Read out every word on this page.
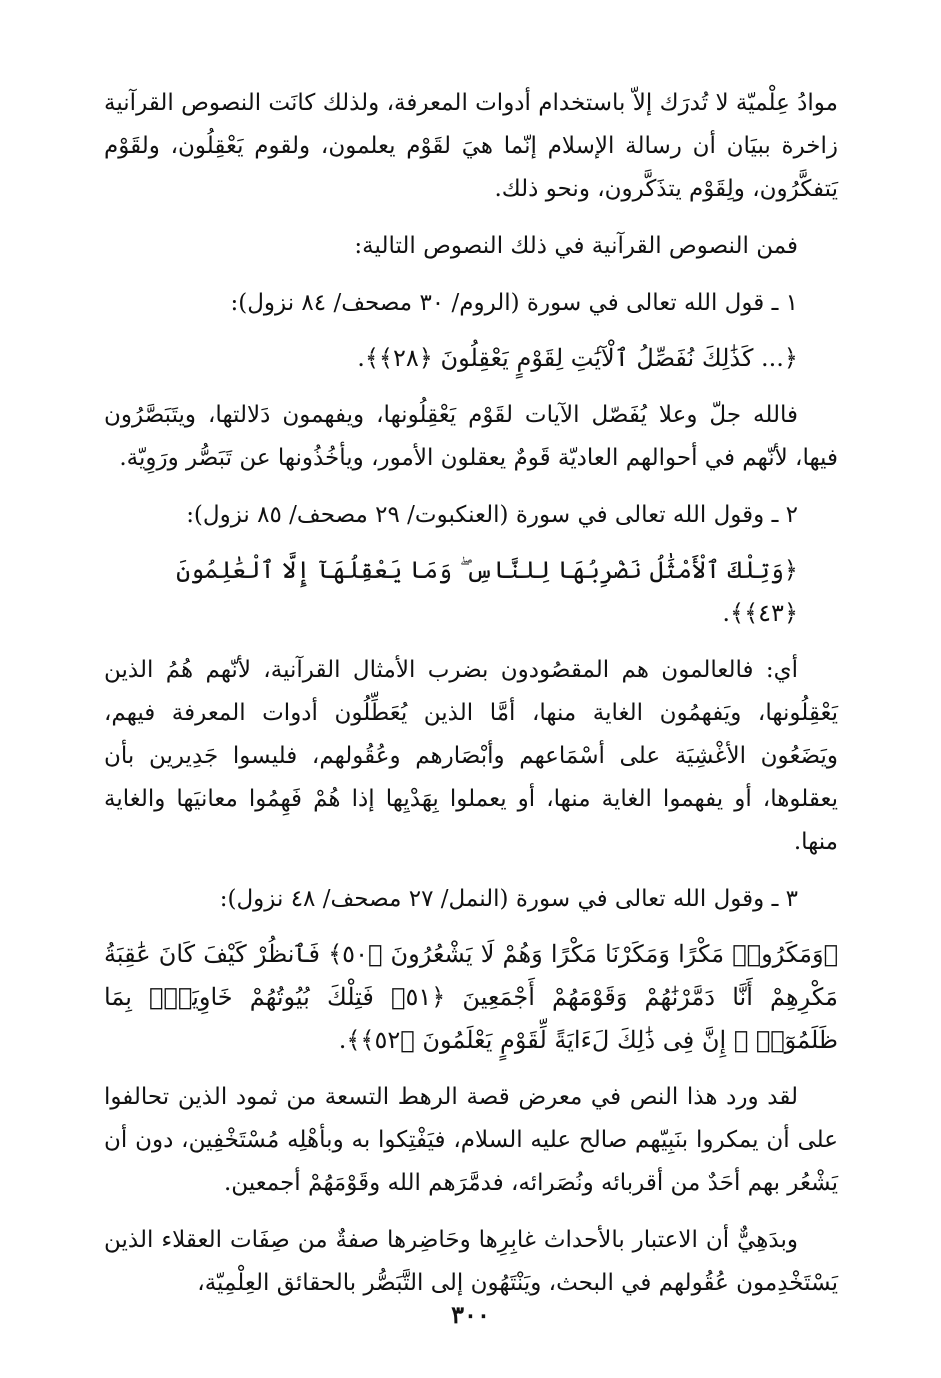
موادُ عِلْميّة لا تُدرَك إلاّ باستخدام أدوات المعرفة، ولذلك كانَت النصوص القرآنية زاخرة ببيَان أن رسالة الإسلام إنّما هيَ لقَوْم يعلمون، ولقوم يَعْقِلُون، ولقَوْم يَتفكَّرُون، ولِقَوْم يتذَكَّرون، ونحو ذلك.

فمن النصوص القرآنية في ذلك النصوص التالية:

١ ـ قول الله تعالى في سورة (الروم/ ٣٠ مصحف/ ٨٤ نزول):

﴿... كَذَٰلِكَ نُفَصِّلُ ٱلْآيَٰتِ لِقَوْمٍ يَعْقِلُونَ ﴿٢٨﴾﴾.

فالله جلّ وعلا يُفَصّل الآيات لقَوْم يَعْقِلُونها، ويفهمون دَلالتها، ويتَبَصَّرُون فيها، لأنّهم في أحوالهم العاديّة قَومٌ يعقلون الأمور، ويأخُذُونها عن تَبَصُّر ورَوِيّة.

٢ ـ وقول الله تعالى في سورة (العنكبوت/ ٢٩ مصحف/ ٨٥ نزول):

﴿وَتِلْكَ ٱلْأَمْثَٰلُ نَضْرِبُهَا لِلنَّاسِ ۖ وَمَا يَعْقِلُهَآ إِلَّا ٱلْعَٰلِمُونَ ﴿٤٣﴾﴾.

أي: فالعالمون هم المقصُودون بضرب الأمثال القرآنية، لأنّهم هُمُ الذين يَعْقِلُونها، ويَفهمُون الغاية منها، أمَّا الذين يُعَطِّلُون أدوات المعرفة فيهم، ويَضَعُون الأغْشِيَة على أسْمَاعهم وأبْصَارهم وعُقُولهم، فليسوا جَدِيرين بأن يعقلوها، أو يفهموا الغاية منها، أو يعملوا بِهَدْيِها إذا هُمْ فَهِمُوا معانيَها والغاية منها.

٣ ـ وقول الله تعالى في سورة (النمل/ ٢٧ مصحف/ ٤٨ نزول):

﴿وَمَكَرُوا۟ مَكْرًا وَمَكَرْنَا مَكْرًا وَهُمْ لَا يَشْعُرُونَ ﴿٥٠﴾ فَٱنظُرْ كَيْفَ كَانَ عَٰقِبَةُ مَكْرِهِمْ أَنَّا دَمَّرْنَٰهُمْ وَقَوْمَهُمْ أَجْمَعِينَ ﴿٥١﴾ فَتِلْكَ بُيُوتُهُمْ خَاوِيَةًۢ بِمَا ظَلَمُوٓا۟ ۗ إِنَّ فِى ذَٰلِكَ لَءَايَةً لِّقَوْمٍ يَعْلَمُونَ ﴿٥٢﴾﴾.

لقد ورد هذا النص في معرض قصة الرهط التسعة من ثمود الذين تحالفوا على أن يمكروا بنَبِيّهم صالح عليه السلام، فيَفْتِكوا به وبأهْلِه مُسْتَخْفِين، دون أن يَشْعُر بهم أحَدٌ من أقربائه ونُصَرائه، فدمَّرَهم الله وقَوْمَهُمْ أجمعين.

وبدَهِيٌّ أن الاعتبار بالأحداث غابِرِها وحَاضِرها صفةٌ من صِفَات العقلاء الذين يَسْتَخْدِمون عُقُولهم في البحث، ويَنْتَهُون إلى التَّبَصُّر بالحقائق العِلْمِيّة،

٣٠٠
